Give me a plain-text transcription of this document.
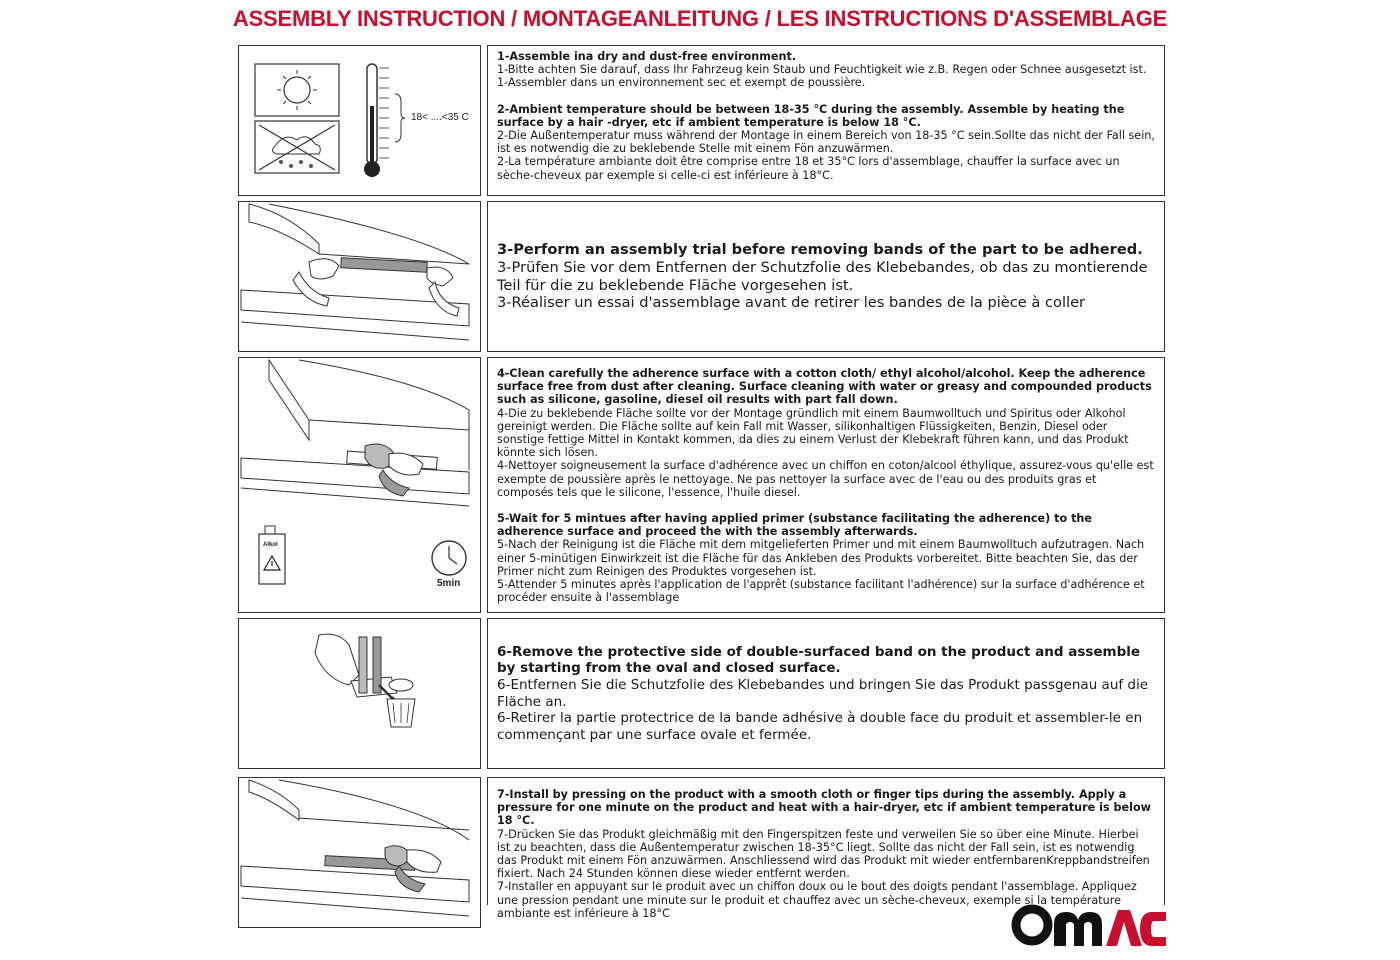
ASSEMBLY INSTRUCTION / MONTAGEANLEITUNG / LES INSTRUCTIONS D'ASSEMBLAGE
18< ....<35 C

1-Assemble ina dry and dust-free environment.

1-Bitte achten Sie darauf, dass Ihr Fahrzeug kein Staub und Feuchtigkeit wie z.B. Regen oder Schnee ausgesetzt ist.

1-Assembler dans un environnement sec et exempt de poussière.

2-Ambient temperature should be between 18-35 °C during the assembly. Assemble by heating the surface by a hair -dryer, etc if ambient temperature is below 18 °C.

2-Die Außentemperatur muss während der Montage in einem Bereich von 18-35 °C sein.Sollte das nicht der Fall sein, ist es notwendig die zu beklebende Stelle mit einem Fön anzuwärmen.

2-La température ambiante doit être comprise entre 18 et 35°C lors d'assemblage, chauffer la surface avec un sèche-cheveux par exemple si celle-ci est inférieure à 18°C.

3-Perform an assembly trial before removing bands of the part to be adhered.

3-Prüfen Sie vor dem Entfernen der Schutzfolie des Klebebandes, ob das zu montierende Teil für die zu beklebende Fläche vorgesehen ist.

3-Réaliser un essai d'assemblage avant de retirer les bandes de la pièce à coller

Alkol
5min

4-Clean carefully the adherence surface with a cotton cloth/ ethyl alcohol/alcohol. Keep the adherence surface free from dust after cleaning. Surface cleaning with water or greasy and compounded products such as silicone, gasoline, diesel oil results with part fall down.

4-Die zu beklebende Fläche sollte vor der Montage gründlich mit einem Baumwolltuch und Spiritus oder Alkohol gereinigt werden. Die Fläche sollte auf kein Fall mit Wasser, silikonhaltigen Flüssigkeiten, Benzin, Diesel oder sonstige fettige Mittel in Kontakt kommen, da dies zu einem Verlust der Klebekraft führen kann, und das Produkt könnte sich lösen.

4-Nettoyer soigneusement la surface d'adhérence avec un chiffon en coton/alcool éthylique, assurez-vous qu'elle est exempte de poussière après le nettoyage. Ne pas nettoyer la surface avec de l'eau ou des produits gras et composés tels que le silicone, l'essence, l'huile diesel.

5-Wait for 5 mintues after having applied primer (substance facilitating the adherence) to the adherence surface and proceed the with the assembly afterwards.

5-Nach der Reinigung ist die Fläche mit dem mitgelieferten Primer und mit einem Baumwolltuch aufzutragen. Nach einer 5-minütigen Einwirkzeit ist die Fläche für das Ankleben des Produkts vorbereitet. Bitte beachten Sie, das der Primer nicht zum Reinigen des Produktes vorgesehen ist.

5-Attender 5 minutes après l'application de l'apprêt (substance facilitant l'adhérence) sur la surface d'adhérence et procéder ensuite à l'assemblage

6-Remove the protective side of double-surfaced band on the product and assemble by starting from the oval and closed surface.

6-Entfernen Sie die Schutzfolie des Klebebandes und bringen Sie das Produkt passgenau auf die Fläche an.

6-Retirer la partie protectrice de la bande adhésive à double face du produit et assembler-le en commençant par une surface ovale et fermée.

7-Install by pressing on the product with a smooth cloth or finger tips during the assembly. Apply a pressure for one minute on the product and heat with a hair-dryer, etc if ambient temperature is below 18 °C.

7-Drücken Sie das Produkt gleichmäßig mit den Fingerspitzen feste und verweilen Sie so über eine Minute. Hierbei ist zu beachten, dass die Außentemperatur zwischen 18-35°C liegt. Sollte das nicht der Fall sein, ist es notwendig das Produkt mit einem Fön anzuwärmen. Anschliessend wird das Produkt mit wieder entfernbarenKreppbandstreifen fixiert. Nach 24 Stunden können diese wieder entfernt werden.

7-Installer en appuyant sur le produit avec un chiffon doux ou le bout des doigts pendant l'assemblage. Appliquez une pression pendant une minute sur le produit et chauffez avec un sèche-cheveux, exemple si la température ambiante est inférieure à 18°C
